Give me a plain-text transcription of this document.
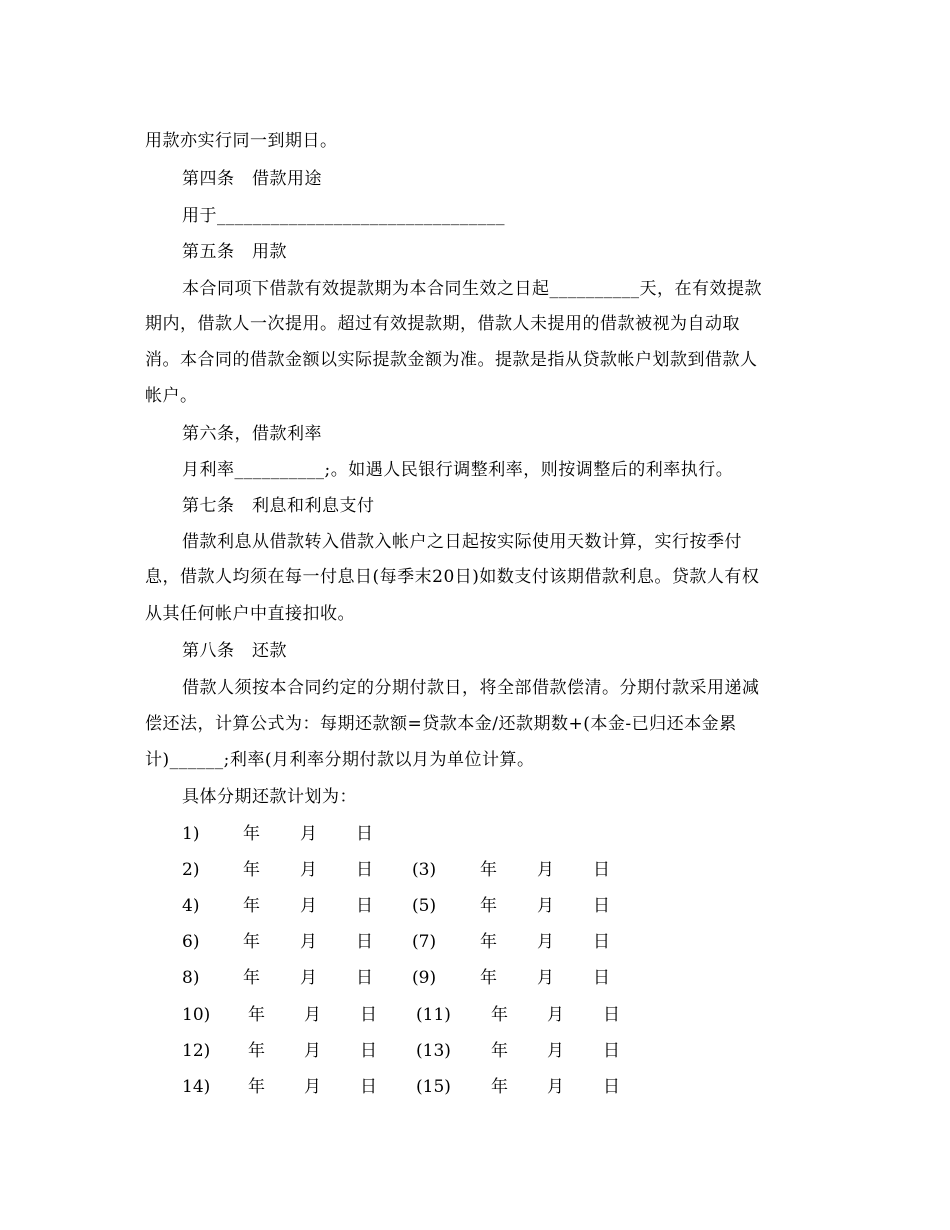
用款亦实行同一到期日。
第四条　借款用途
用于________________________________
第五条　用款
本合同项下借款有效提款期为本合同生效之日起__________天，在有效提款
期内，借款人一次提用。超过有效提款期，借款人未提用的借款被视为自动取
消。本合同的借款金额以实际提款金额为准。提款是指从贷款帐户划款到借款人
帐户。
第六条，借款利率
月利率__________;。如遇人民银行调整利率，则按调整后的利率执行。
第七条　利息和利息支付
借款利息从借款转入借款入帐户之日起按实际使用天数计算，实行按季付
息，借款人均须在每一付息日(每季末20日)如数支付该期借款利息。贷款人有权
从其任何帐户中直接扣收。
第八条　还款
借款人须按本合同约定的分期付款日，将全部借款偿清。分期付款采用递减
偿还法，计算公式为：每期还款额=贷款本金/还款期数+(本金-已归还本金累
计)______;利率(月利率分期付款以月为单位计算。
具体分期还款计划为：
1)	年 月 日
2)	年 月 日 (3)	年 月 日
4)	年 月 日 (5)	年 月 日
6)	年 月 日 (7)	年 月 日
8)	年 月 日 (9)	年 月 日
10) 年 月 日 (11) 年 月 日
12) 年 月 日 (13) 年 月 日
14) 年 月 日 (15) 年 月 日
